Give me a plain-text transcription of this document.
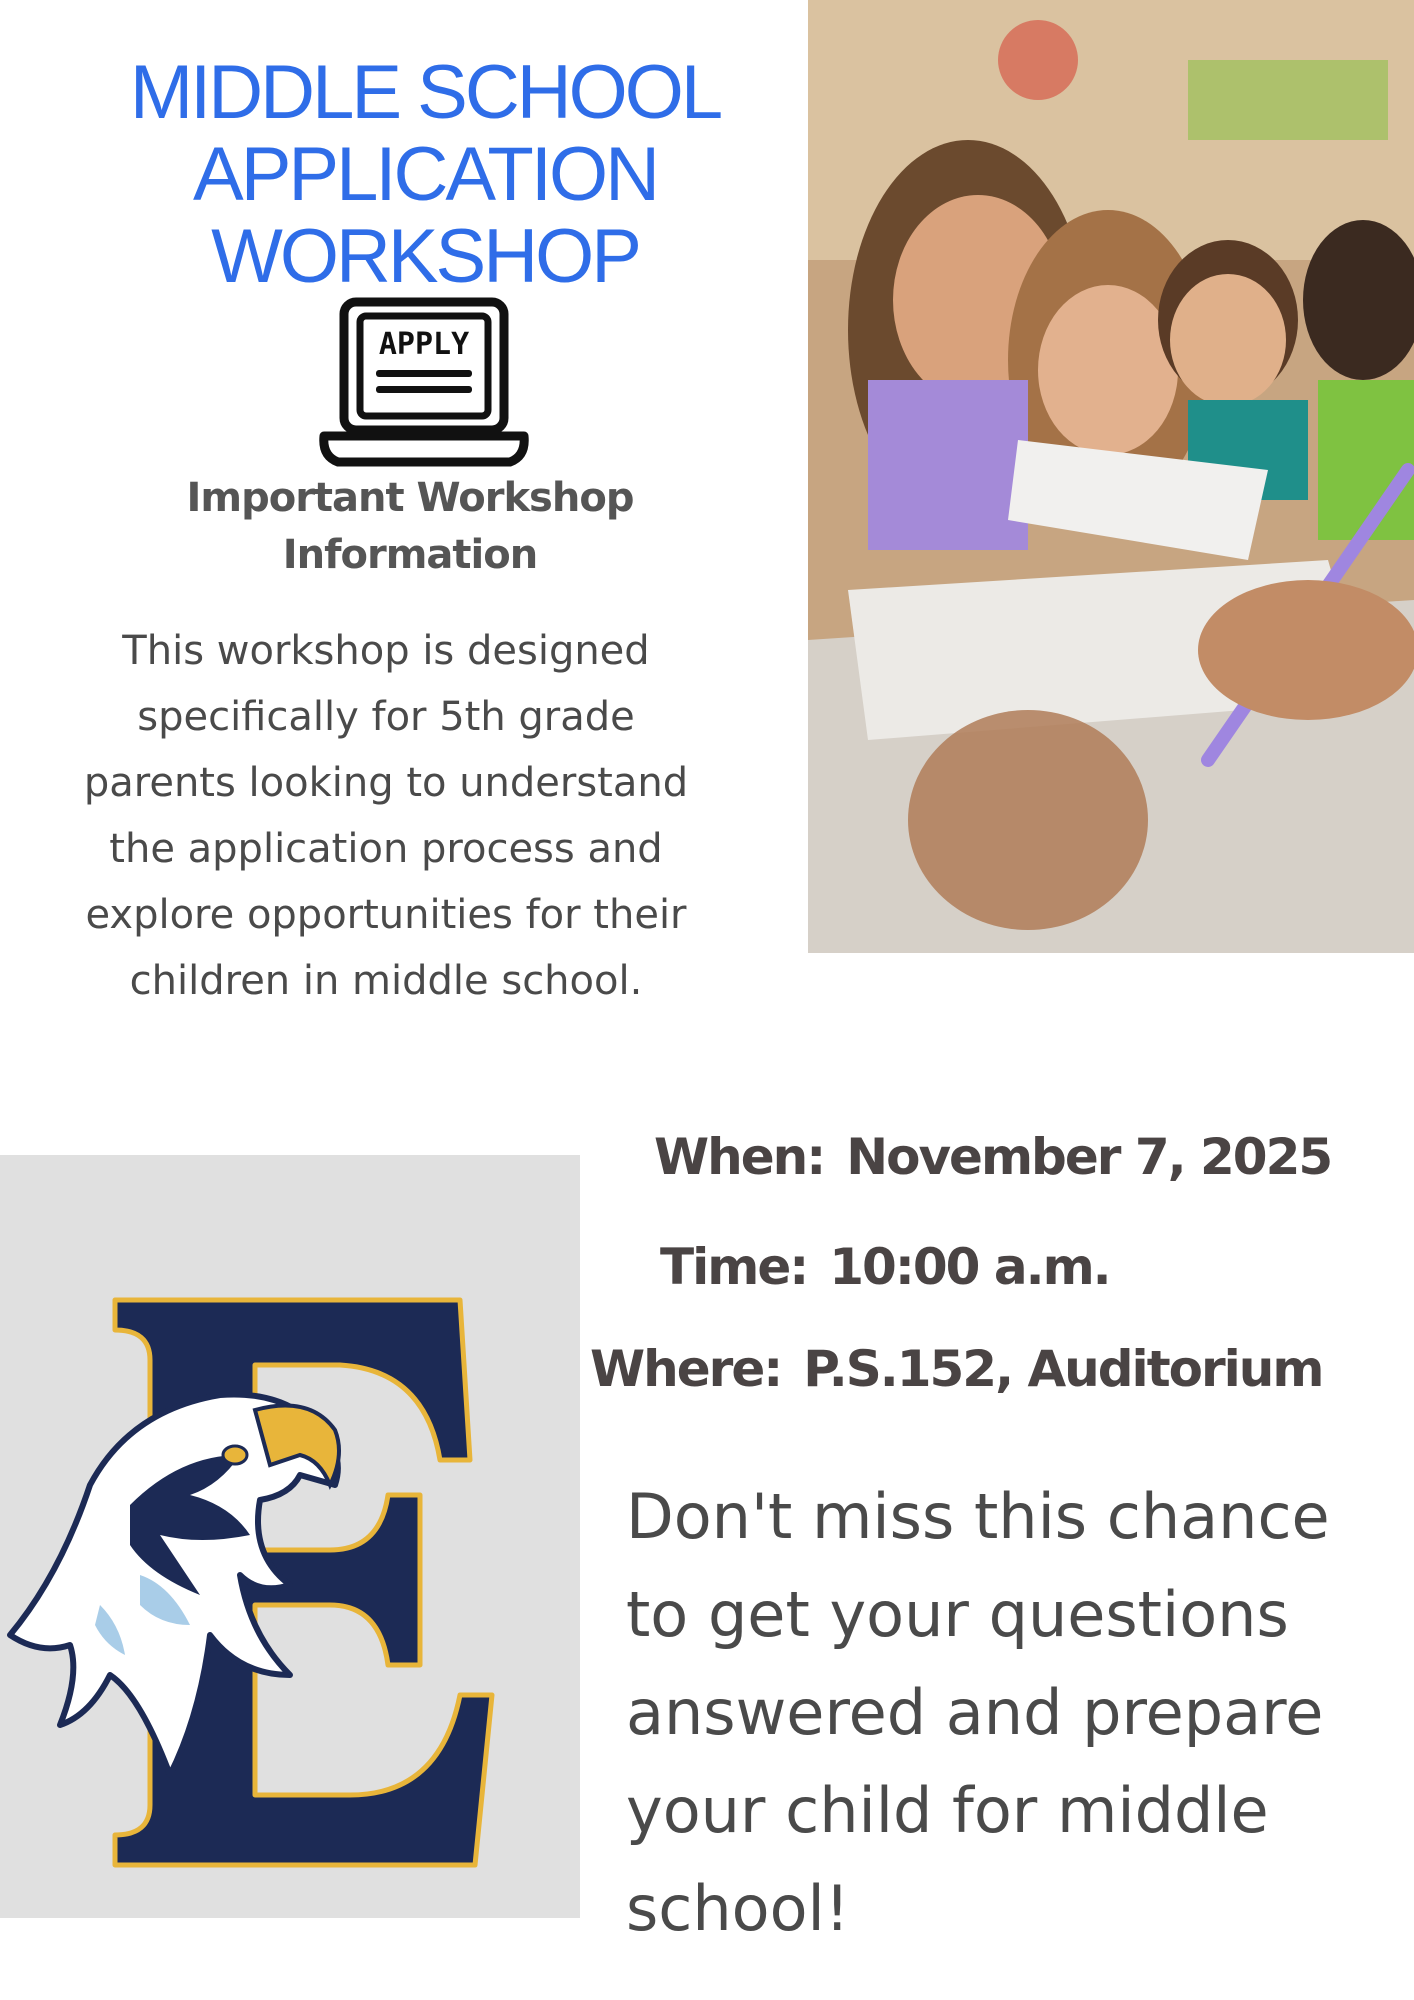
MIDDLE SCHOOL
APPLICATION
WORKSHOP
APPLY
Important Workshop
Information

This workshop is designed specifically for 5th grade parents looking to understand the application process and explore opportunities for their children in middle school.

When: November 7, 2025
Time: 10:00 a.m.
Where: P.S.152, Auditorium

Don't miss this chance to get your questions answered and prepare your child for middle school!
